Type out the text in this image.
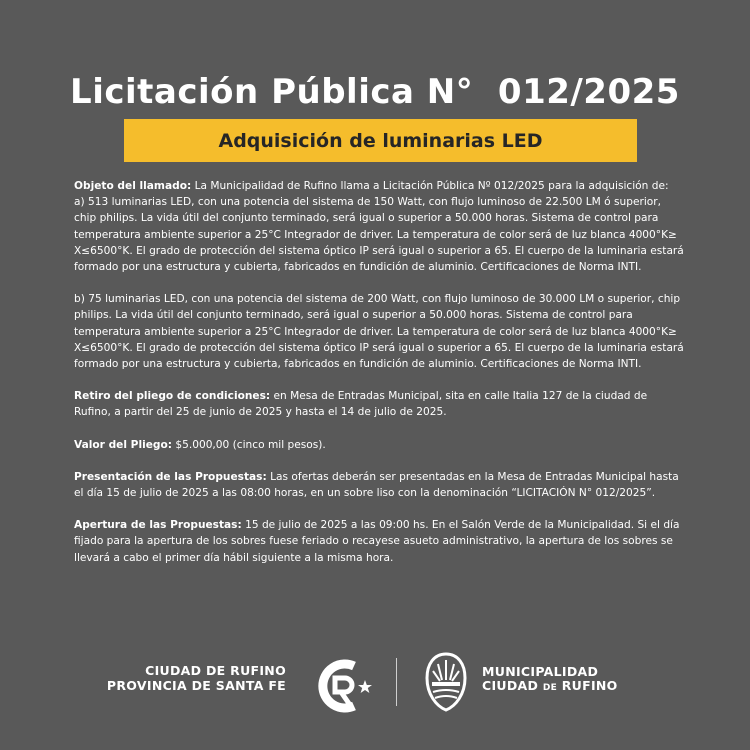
Licitación Pública N°  012/2025
Adquisición de luminarias LED

Objeto del llamado: La Municipalidad de Rufino llama a Licitación Pública Nº 012/2025 para la adquisición de:

a) 513 luminarias LED, con una potencia del sistema de 150 Watt, con flujo luminoso de 22.500 LM ó superior, chip philips. La vida útil del conjunto terminado, será igual o superior a 50.000 horas. Sistema de control para temperatura ambiente superior a 25°C Integrador de driver. La temperatura de color será de luz blanca 4000°K≥ X≤6500°K. El grado de protección del sistema óptico IP será igual o superior a 65. El cuerpo de la luminaria estará formado por una estructura y cubierta, fabricados en fundición de aluminio. Certificaciones de Norma INTI.

b) 75 luminarias LED, con una potencia del sistema de 200 Watt, con flujo luminoso de 30.000 LM o superior, chip philips. La vida útil del conjunto terminado, será igual o superior a 50.000 horas. Sistema de control para temperatura ambiente superior a 25°C Integrador de driver. La temperatura de color será de luz blanca 4000°K≥ X≤6500°K. El grado de protección del sistema óptico IP será igual o superior a 65. El cuerpo de la luminaria estará formado por una estructura y cubierta, fabricados en fundición de aluminio. Certificaciones de Norma INTI.

Retiro del pliego de condiciones: en Mesa de Entradas Municipal, sita en calle Italia 127 de la ciudad de Rufino, a partir del 25 de junio de 2025 y hasta el 14 de julio de 2025.

Valor del Pliego: $5.000,00 (cinco mil pesos).

Presentación de las Propuestas: Las ofertas deberán ser presentadas en la Mesa de Entradas Municipal hasta el día 15 de julio de 2025 a las 08:00 horas, en un sobre liso con la denominación “LICITACIÓN N° 012/2025”.

Apertura de las Propuestas: 15 de julio de 2025 a las 09:00 hs. En el Salón Verde de la Municipalidad. Si el día fijado para la apertura de los sobres fuese feriado o recayese asueto administrativo, la apertura de los sobres se llevará a cabo el primer día hábil siguiente a la misma hora.

CIUDAD DE RUFINO
PROVINCIA DE SANTA FE
MUNICIPALIDAD
CIUDAD DE RUFINO
